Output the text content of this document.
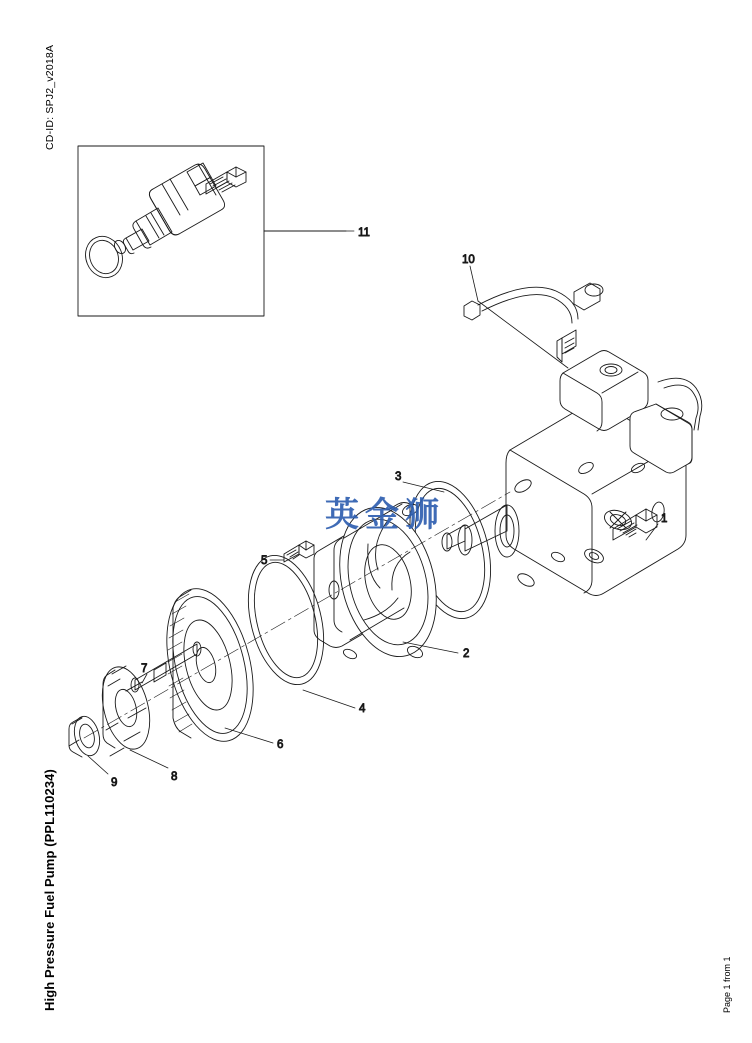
CD-ID: SPJ2_v2018A
High Pressure Fuel Pump (PPL110234)	Page 1 from 1
11
10
1
2
3
4
5
6
7
8
9
英金狮
